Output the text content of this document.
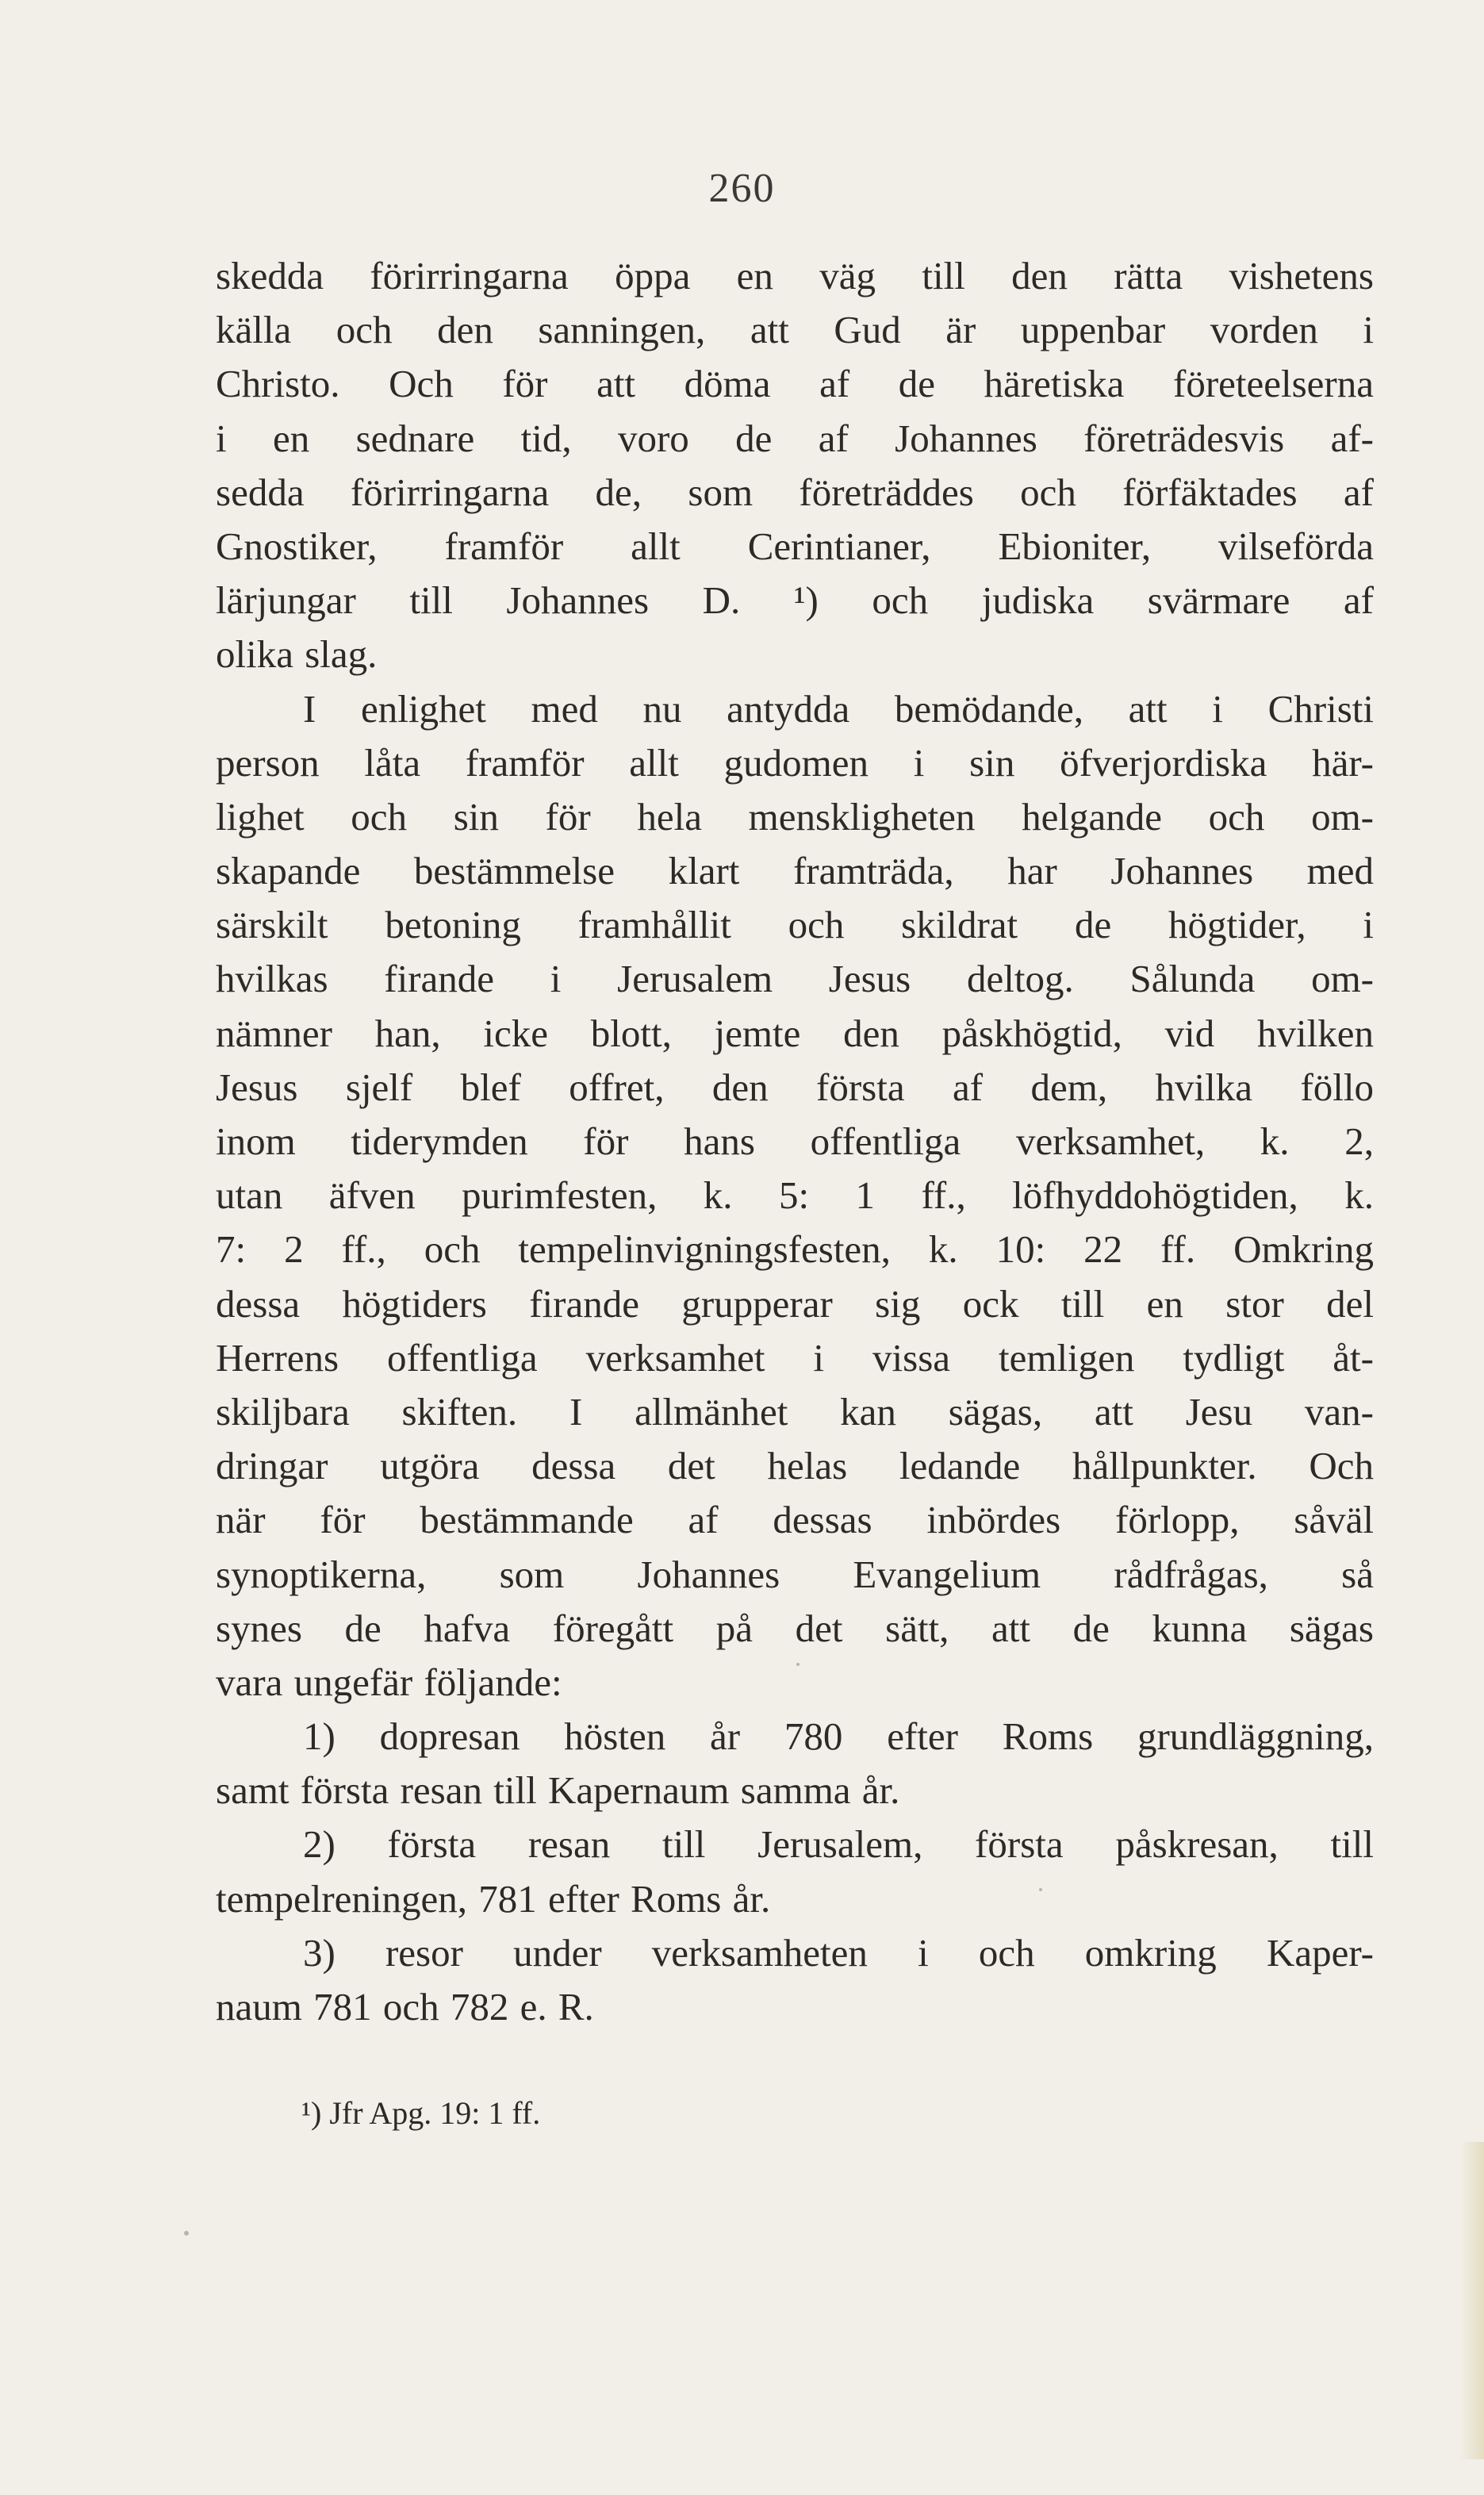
260
skedda förirringarna öppa en väg till den rätta vishetens
källa och den sanningen, att Gud är uppenbar vorden i
Christo. Och för att döma af de häretiska företeelserna
i en sednare tid, voro de af Johannes företrädesvis af-
sedda förirringarna de, som företräddes och förfäktades af
Gnostiker, framför allt Cerintianer, Ebioniter, vilseförda
lärjungar till Johannes D. ¹) och judiska svärmare af
olika slag.
I enlighet med nu antydda bemödande, att i Christi
person låta framför allt gudomen i sin öfverjordiska här-
lighet och sin för hela menskligheten helgande och om-
skapande bestämmelse klart framträda, har Johannes med
särskilt betoning framhållit och skildrat de högtider, i
hvilkas firande i Jerusalem Jesus deltog. Sålunda om-
nämner han, icke blott, jemte den påskhögtid, vid hvilken
Jesus sjelf blef offret, den första af dem, hvilka föllo
inom tiderymden för hans offentliga verksamhet, k. 2,
utan äfven purimfesten, k. 5: 1 ff., löfhyddohögtiden, k.
7: 2 ff., och tempelinvigningsfesten, k. 10: 22 ff. Omkring
dessa högtiders firande grupperar sig ock till en stor del
Herrens offentliga verksamhet i vissa temligen tydligt åt-
skiljbara skiften. I allmänhet kan sägas, att Jesu van-
dringar utgöra dessa det helas ledande hållpunkter. Och
när för bestämmande af dessas inbördes förlopp, såväl
synoptikerna, som Johannes Evangelium rådfrågas, så
synes de hafva föregått på det sätt, att de kunna sägas
vara ungefär följande:
1) dopresan hösten år 780 efter Roms grundläggning,
samt första resan till Kapernaum samma år.
2) första resan till Jerusalem, första påskresan, till
tempelreningen, 781 efter Roms år.
3) resor under verksamheten i och omkring Kaper-
naum 781 och 782 e. R.
¹) Jfr Apg. 19: 1 ff.
